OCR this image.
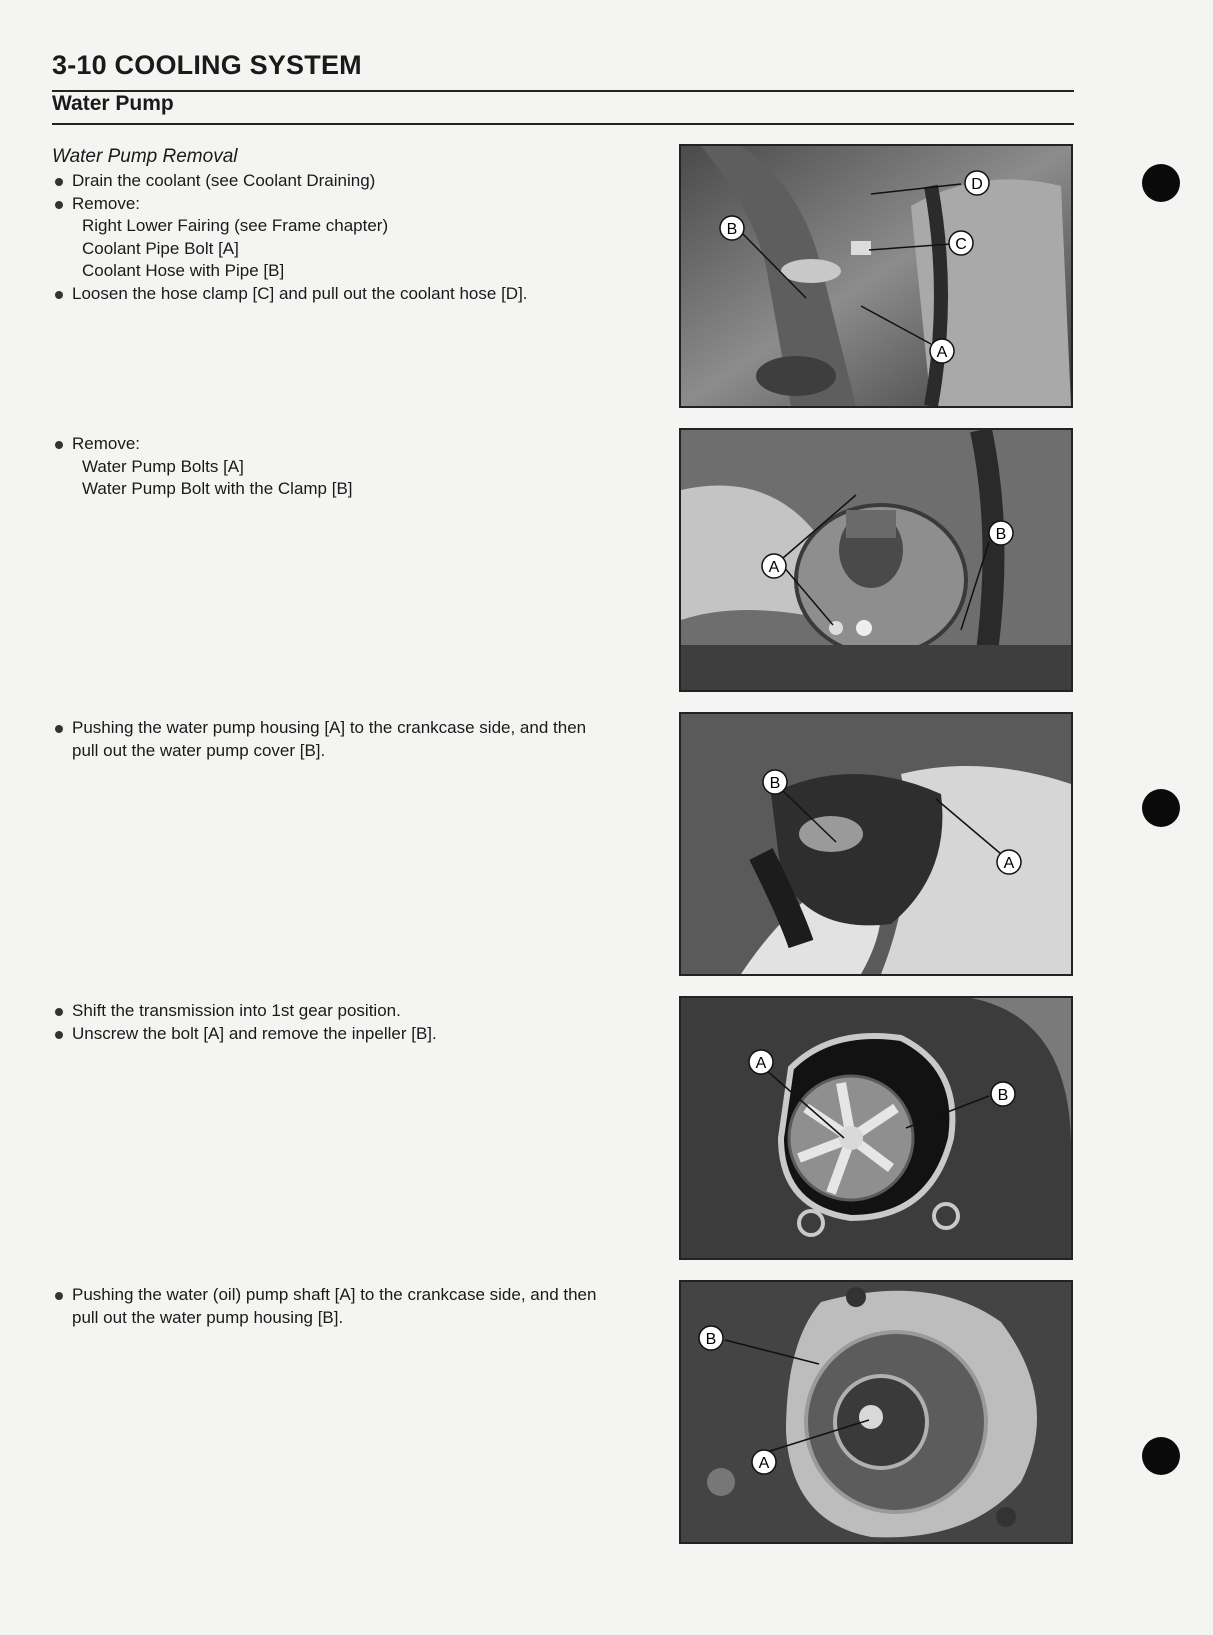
3-10 COOLING SYSTEM
Water Pump
Water Pump Removal
Drain the coolant (see Coolant Draining)
Remove:
Right Lower Fairing (see Frame chapter)
Coolant Pipe Bolt [A]
Coolant Hose with Pipe [B]
Loosen the hose clamp [C] and pull out the coolant hose [D].
Remove:
Water Pump Bolts [A]
Water Pump Bolt with the Clamp [B]
Pushing the water pump housing [A] to the crankcase side, and then
pull out the water pump cover [B].
Shift the transmission into 1st gear position.
Unscrew the bolt [A] and remove the inpeller [B].
Pushing the water (oil) pump shaft [A] to the crankcase side, and then
pull out the water pump housing [B].
D
B
C
A
B
A
B
A
A
B
B
A
